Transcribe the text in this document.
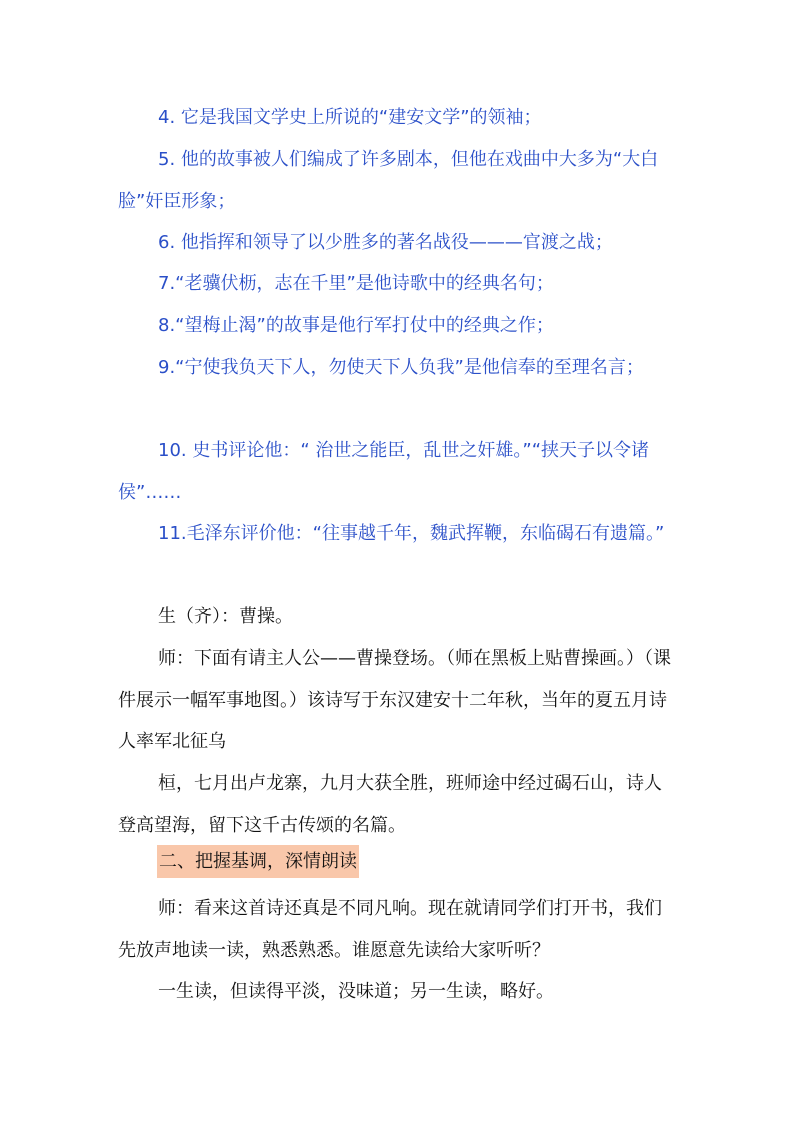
4. 它是我国文学史上所说的“建安文学”的领袖；

5. 他的故事被人们编成了许多剧本，但他在戏曲中大多为“大白脸”奸臣形象；

6. 他指挥和领导了以少胜多的著名战役———官渡之战；

7.“老骥伏枥，志在千里”是他诗歌中的经典名句；

8.“望梅止渴”的故事是他行军打仗中的经典之作；

9.“宁使我负天下人，勿使天下人负我”是他信奉的至理名言；

10. 史书评论他：“ 治世之能臣，乱世之奸雄。”“挟天子以令诸侯”……

11.毛泽东评价他：“往事越千年，魏武挥鞭，东临碣石有遗篇。”

生（齐）：曹操。

师：下面有请主人公——曹操登场。（师在黑板上贴曹操画。）（课件展示一幅军事地图。）该诗写于东汉建安十二年秋，当年的夏五月诗人率军北征乌

桓，七月出卢龙寨，九月大获全胜，班师途中经过碣石山，诗人登高望海，留下这千古传颂的名篇。

二、把握基调，深情朗读

师：看来这首诗还真是不同凡响。现在就请同学们打开书，我们先放声地读一读，熟悉熟悉。谁愿意先读给大家听听？

一生读，但读得平淡，没味道；另一生读，略好。
